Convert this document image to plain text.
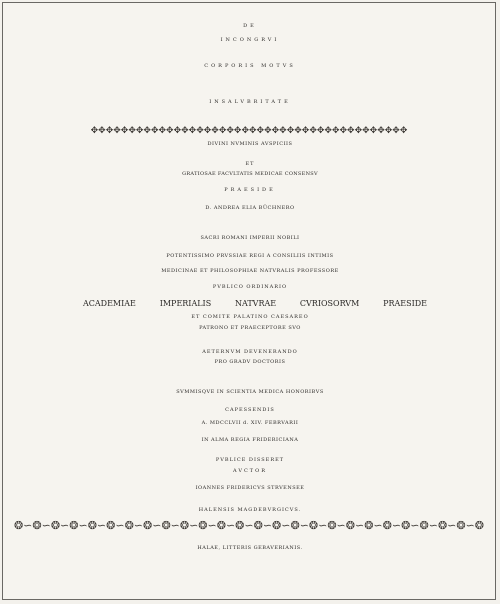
DE
INCONGRVI
CORPORIS MOTVS
INSALVBRITATE
✥✥✥✥✥✥✥✥✥✥✥✥✥✥✥✥✥✥✥✥✥✥✥✥✥✥✥✥✥✥✥✥✥✥✥✥✥✥✥✥✥✥
DIVINI NVMINIS AVSPICIIS
ET
GRATIOSAE FACVLTATIS MEDICAE CONSENSV
PRAESIDE
D. ANDREA ELIA BÜCHNERO
SACRI ROMANI IMPERII NOBILI
POTENTISSIMO PRVSSIAE REGI A CONSILIIS INTIMIS
MEDICINAE ET PHILOSOPHIAE NATVRALIS PROFESSORE
PVBLICO ORDINARIO
ACADEMIAE	IMPERIALIS	NATVRAE	CVRIOSORVM	PRAESIDE
ET COMITE PALATINO CAESAREO
PATRONO ET PRAECEPTORE SVO
AETERNVM DEVENERANDO
PRO GRADV DOCTORIS
SVMMISQVE IN SCIENTIA MEDICA HONORIBVS
CAPESSENDIS
A. MDCCLVII d. XIV. FEBRVARII
IN ALMA REGIA FRIDERICIANA
PVBLICE DISSERET
AVCTOR
IOANNES FRIDERICVS STRVENSEE
HALENSIS MAGDEBVRGICVS.
❂∽❂∽❂∽❂∽❂∽❂∽❂∽❂∽❂∽❂∽❂∽❂∽❂∽❂∽❂∽❂∽❂∽❂∽❂∽❂∽❂∽❂∽❂∽❂∽❂∽❂
HALAE, LITTERIS GEBAVERIANIS.
